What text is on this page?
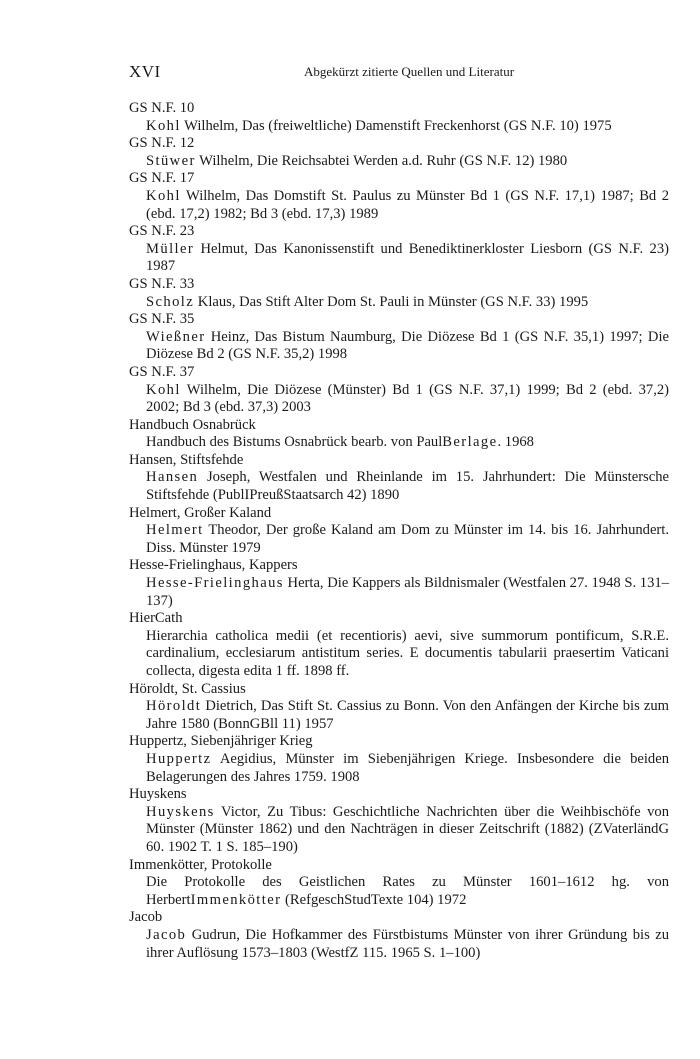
XVI	Abgekürzt zitierte Quellen und Literatur
GS N.F. 10
Kohl Wilhelm, Das (freiweltliche) Damenstift Freckenhorst (GS N.F. 10) 1975
GS N.F. 12
Stüwer Wilhelm, Die Reichsabtei Werden a.d. Ruhr (GS N.F. 12) 1980
GS N.F. 17
Kohl Wilhelm, Das Domstift St. Paulus zu Münster Bd 1 (GS N.F. 17,1) 1987; Bd 2 (ebd. 17,2) 1982; Bd 3 (ebd. 17,3) 1989
GS N.F. 23
Müller Helmut, Das Kanonissenstift und Benediktinerkloster Liesborn (GS N.F. 23) 1987
GS N.F. 33
Scholz Klaus, Das Stift Alter Dom St. Pauli in Münster (GS N.F. 33) 1995
GS N.F. 35
Wießner Heinz, Das Bistum Naumburg, Die Diözese Bd 1 (GS N.F. 35,1) 1997; Die Diözese Bd 2 (GS N.F. 35,2) 1998
GS N.F. 37
Kohl Wilhelm, Die Diözese (Münster) Bd 1 (GS N.F. 37,1) 1999; Bd 2 (ebd. 37,2) 2002; Bd 3 (ebd. 37,3) 2003
Handbuch Osnabrück
Handbuch des Bistums Osnabrück bearb. von PaulBerlage. 1968
Hansen, Stiftsfehde
Hansen Joseph, Westfalen und Rheinlande im 15. Jahrhundert: Die Münstersche Stiftsfehde (PublIPreußStaatsarch 42) 1890
Helmert, Großer Kaland
Helmert Theodor, Der große Kaland am Dom zu Münster im 14. bis 16. Jahrhundert. Diss. Münster 1979
Hesse-Frielinghaus, Kappers
Hesse-Frielinghaus Herta, Die Kappers als Bildnismaler (Westfalen 27. 1948 S. 131–137)
HierCath
Hierarchia catholica medii (et recentioris) aevi, sive summorum pontificum, S.R.E. cardinalium, ecclesiarum antistitum series. E documentis tabularii praesertim Vaticani collecta, digesta edita 1 ff. 1898 ff.
Höroldt, St. Cassius
Höroldt Dietrich, Das Stift St. Cassius zu Bonn. Von den Anfängen der Kirche bis zum Jahre 1580 (BonnGBll 11) 1957
Huppertz, Siebenjähriger Krieg
Huppertz Aegidius, Münster im Siebenjährigen Kriege. Insbesondere die beiden Belagerungen des Jahres 1759. 1908
Huyskens
Huyskens Victor, Zu Tibus: Geschichtliche Nachrichten über die Weihbischöfe von Münster (Münster 1862) und den Nachträgen in dieser Zeitschrift (1882) (ZVaterländG 60. 1902 T. 1 S. 185–190)
Immenkötter, Protokolle
Die Protokolle des Geistlichen Rates zu Münster 1601–1612 hg. von HerbertImmenkötter (RefgeschStudTexte 104) 1972
Jacob
Jacob Gudrun, Die Hofkammer des Fürstbistums Münster von ihrer Gründung bis zu ihrer Auflösung 1573–1803 (WestfZ 115. 1965 S. 1–100)
